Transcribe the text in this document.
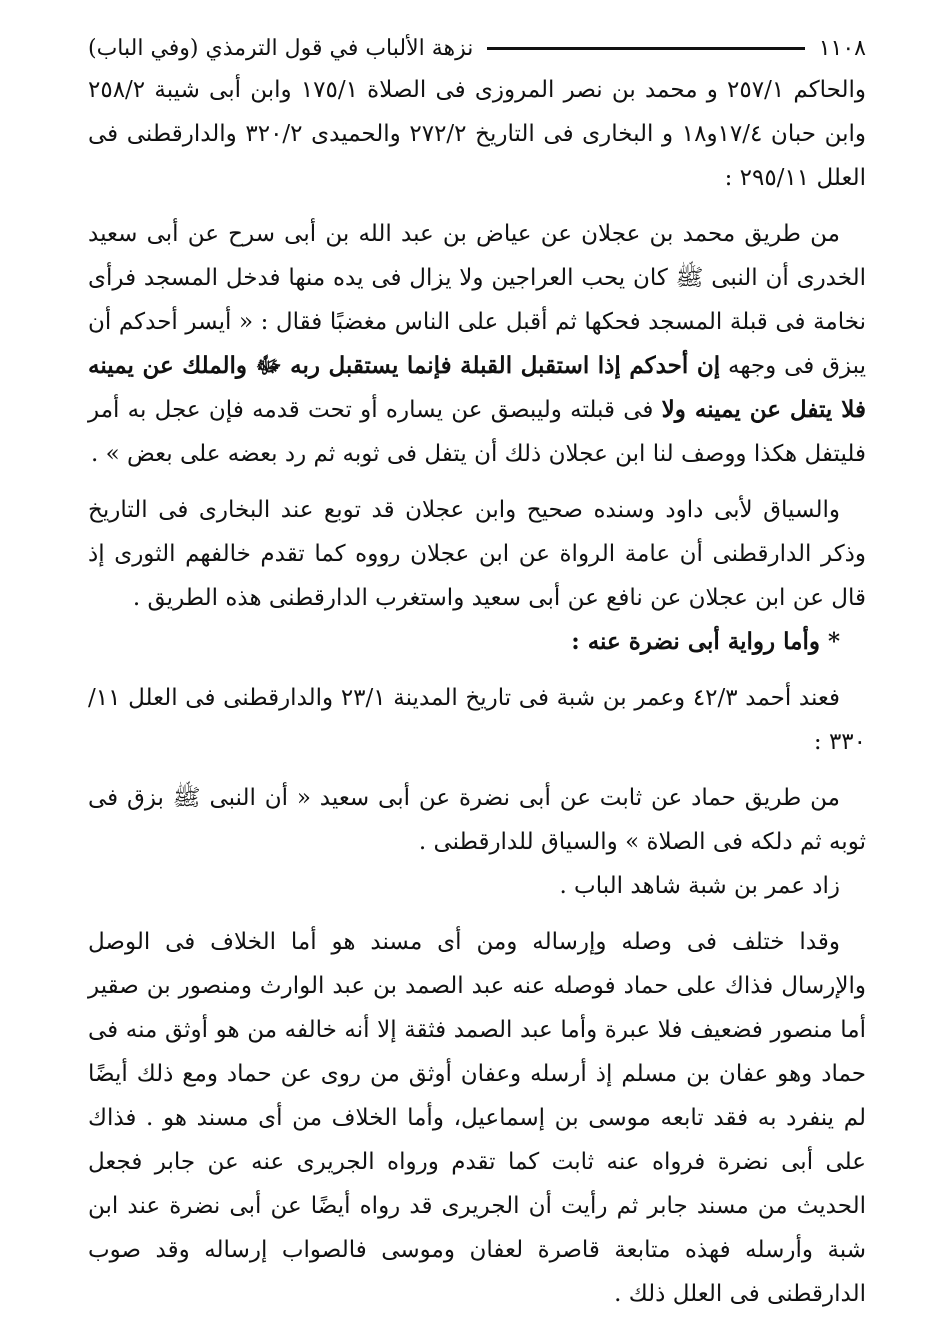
١١٠٨
نزهة الألباب في قول الترمذي (وفي الباب)

والحاكم ٢٥٧/١ و محمد بن نصر المروزى فى الصلاة ١٧٥/١ وابن أبى شيبة ٢٥٨/٢ وابن حبان ١٧/٤و١٨ و البخارى فى التاريخ ٢٧٢/٢ والحميدى ٣٢٠/٢ والدارقطنى فى العلل ٢٩٥/١١ :

من طريق محمد بن عجلان عن عياض بن عبد الله بن أبى سرح عن أبى سعيد الخدرى أن النبى ﷺ كان يحب العراجين ولا يزال فى يده منها فدخل المسجد فرأى نخامة فى قبلة المسجد فحكها ثم أقبل على الناس مغضبًا فقال : « أيسر أحدكم أن يبزق فى وجهه إن أحدكم إذا استقبل القبلة فإنما يستقبل ربه ﷻ والملك عن يمينه فلا يتفل عن يمينه ولا فى قبلته وليبصق عن يساره أو تحت قدمه فإن عجل به أمر فليتفل هكذا ووصف لنا ابن عجلان ذلك أن يتفل فى ثوبه ثم رد بعضه على بعض » .

والسياق لأبى داود وسنده صحيح وابن عجلان قد توبع عند البخارى فى التاريخ وذكر الدارقطنى أن عامة الرواة عن ابن عجلان رووه كما تقدم خالفهم الثورى إذ قال عن ابن عجلان عن نافع عن أبى سعيد واستغرب الدارقطنى هذه الطريق .

* وأما رواية أبى نضرة عنه :

فعند أحمد ٤٢/٣ وعمر بن شبة فى تاريخ المدينة ٢٣/١ والدارقطنى فى العلل ١١/ ٣٣٠ :

من طريق حماد عن ثابت عن أبى نضرة عن أبى سعيد « أن النبى ﷺ بزق فى ثوبه ثم دلكه فى الصلاة » والسياق للدارقطنى .

زاد عمر بن شبة شاهد الباب .

وقدا ختلف فى وصله وإرساله ومن أى مسند هو أما الخلاف فى الوصل والإرسال فذاك على حماد فوصله عنه عبد الصمد بن عبد الوارث ومنصور بن صقير أما منصور فضعيف فلا عبرة وأما عبد الصمد فثقة إلا أنه خالفه من هو أوثق منه فى حماد وهو عفان بن مسلم إذ أرسله وعفان أوثق من روى عن حماد ومع ذلك أيضًا لم ينفرد به فقد تابعه موسى بن إسماعيل، وأما الخلاف من أى مسند هو . فذاك على أبى نضرة فرواه عنه ثابت كما تقدم ورواه الجريرى عنه عن جابر فجعل الحديث من مسند جابر ثم رأيت أن الجريرى قد رواه أيضًا عن أبى نضرة عند ابن شبة وأرسله فهذه متابعة قاصرة لعفان وموسى فالصواب إرساله وقد صوب الدارقطنى فى العلل ذلك .
